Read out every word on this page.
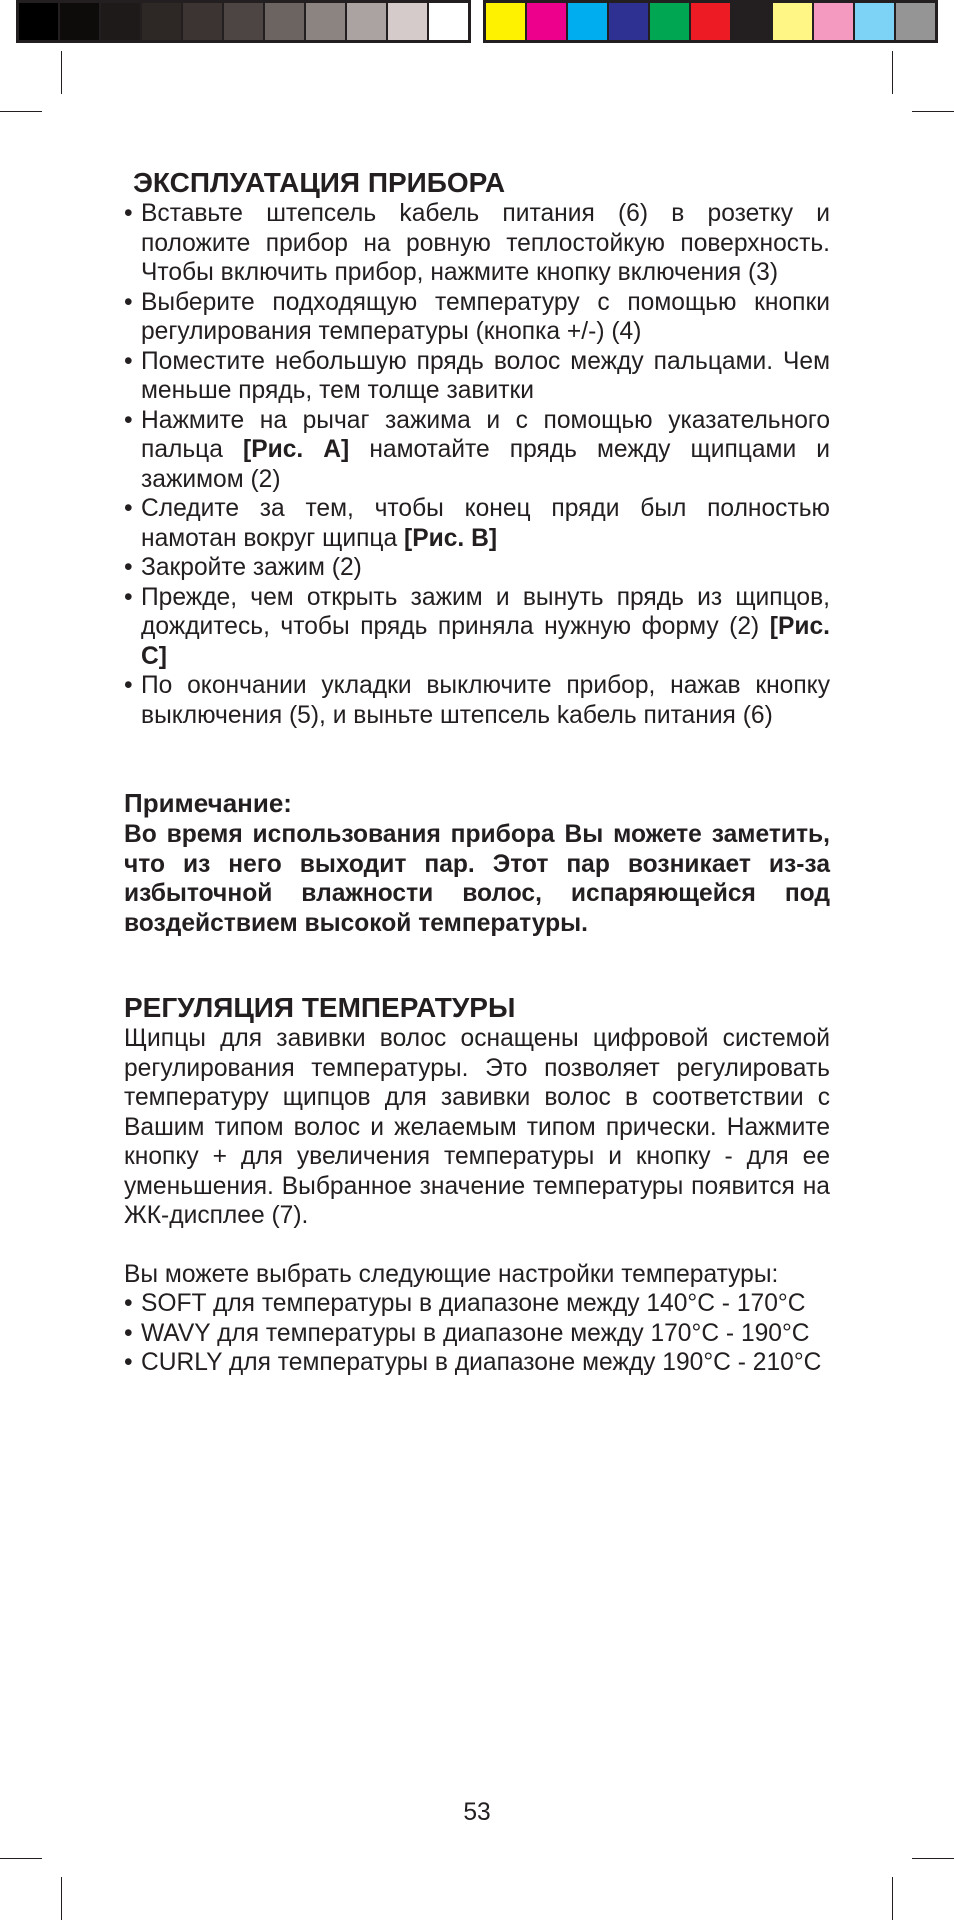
ЭКСПЛУАТАЦИЯ ПРИБОРА
• Вставьте штепсель kабель питания (6) в розетку и положите прибор на ровную теплостойкую поверхность. Чтобы включить прибор, нажмите кнопку включения (3)
• Выберите подходящую температуру с помощью кнопки регулирования температуры (кнопка +/-) (4)
• Поместите небольшую прядь волос между пальцами. Чем меньше прядь, тем толще завитки
• Нажмите на рычаг зажима и с помощью указательного пальца [Рис. A] намотайте прядь между щипцами и зажимом (2)
• Следите за тем, чтобы конец пряди был полностью намотан вокруг щипца [Рис. B]
• Закройте зажим (2)
• Прежде, чем открыть зажим и вынуть прядь из щипцов, дождитесь, чтобы прядь приняла нужную форму (2) [Рис. C]
• По окончании укладки выключите прибор, нажав кнопку выключения (5), и выньте штепсель kабель питания (6)
Примечание:
Во время использования прибора Вы можете заметить, что из него выходит пар. Этот пар возникает из-за избыточной влажности волос, испаряющейся под воздействием высокой температуры.
РЕГУЛЯЦИЯ ТЕМПЕРАТУРЫ
Щипцы для завивки волос оснащены цифровой системой регулирования температуры. Это позволяет регулировать температуру щипцов для завивки волос в соответствии с Вашим типом волос и желаемым типом прически. Нажмите кнопку + для увеличения температуры и кнопку - для ее уменьшения. Выбранное значение температуры появится на ЖК-дисплее (7).
Вы можете выбрать следующие настройки температуры:
• SOFT для температуры в диапазоне между 140°C - 170°C
• WAVY для температуры в диапазоне между 170°C - 190°C
• CURLY для температуры в диапазоне между 190°C - 210°C
53
